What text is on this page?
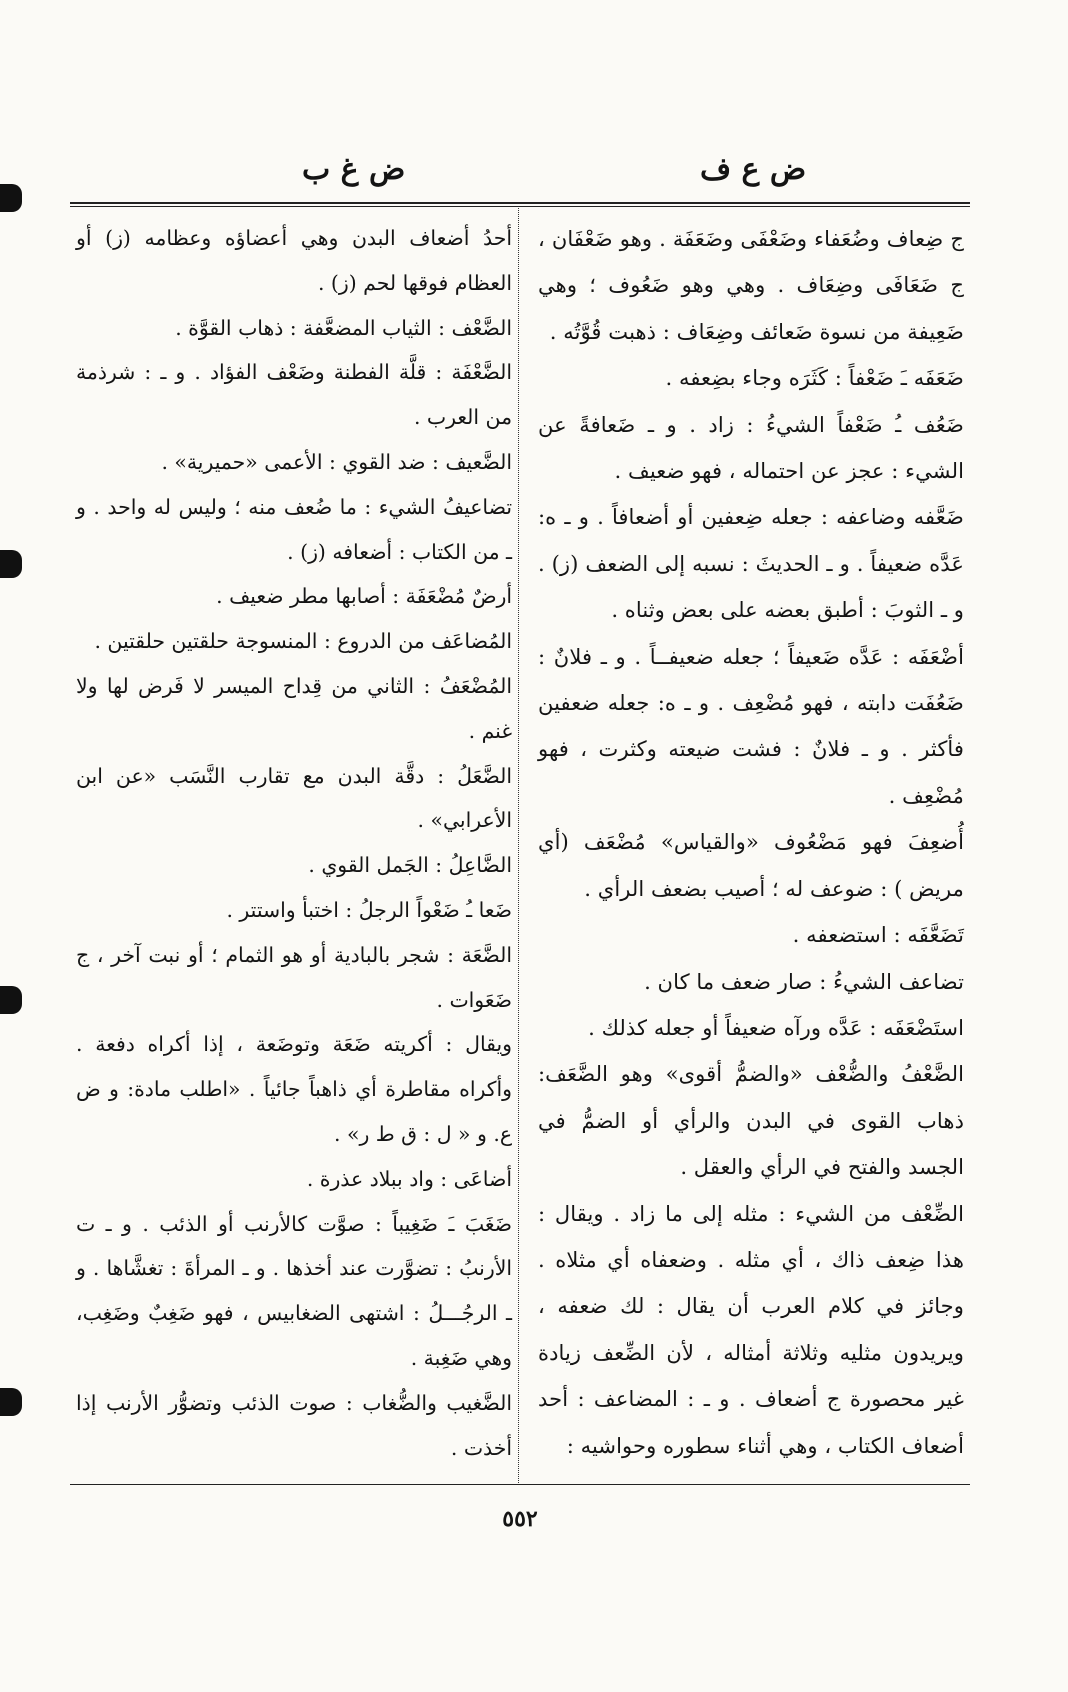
ض ع ف
ض غ ب

ج ضِعاف وضُعَفاء وضَعْفَى وضَعَفَة . وهو ضَعْفَان ، ج ضَعَافَى وضِعَاف . وهي وهو ضَعُوف ؛ وهي ضَعِيفة من نسوة ضَعائف وضِعَاف : ذهبت قُوَّتُه .

ضَعَفَه ـَ ضَعْفاً : كَثَرَه وجاء بضِعفه .

ضَعُف ـُ ضَعْفاً الشيءُ : زاد . و ـ ضَعافةً عن الشيء : عجز عن احتماله ، فهو ضعيف .

ضَعَّفه وضاعفه : جعله ضِعفين أو أضعافاً . و ـ ه: عَدَّه ضعيفاً . و ـ الحديثَ : نسبه إلى الضعف (ز) . و ـ الثوبَ : أطبق بعضه على بعض وثناه .

أضْعَفَه : عَدَّه ضَعيفاً ؛ جعله ضعيفــاً . و ـ فلانٌ : ضَعُفَت دابته ، فهو مُضْعِف . و ـ ه: جعله ضعفين فأكثر . و ـ فلانٌ : فشت ضيعته وكثرت ، فهو مُضْعِف .

أُضعِفَ فهو مَضْعُوف «والقياس» مُضْعَف (أي مريض ) : ضوعف له ؛ أصيب بضعف الرأي .

تَضَعَّفَه : استضعفه .

تضاعف الشيءُ : صار ضعف ما كان .

استَضْعَفَه : عَدَّه ورآه ضعيفاً أو جعله كذلك .

الضَّعْفُ والضُّعْف «والضمُّ أقوى» وهو الضَّعَف: ذهاب القوى في البدن والرأي أو الضمُّ في الجسد والفتح في الرأي والعقل .

الضِّعْف من الشيء : مثله إلى ما زاد . ويقال : هذا ضِعف ذاك ، أي مثله . وضعفاه أي مثلاه . وجائز في كلام العرب أن يقال : لك ضعفه ، ويريدون مثليه وثلاثة أمثاله ، لأن الضِّعف زيادة غير محصورة ج أضعاف . و ـ : المضاعف : أحد أضعاف الكتاب ، وهي أثناء سطوره وحواشيه :

أحدُ أضعاف البدن وهي أعضاؤه وعظامه (ز) أو العظام فوقها لحم (ز) .

الضَّعْف : الثياب المضعَّفة : ذهاب القوَّة .

الضَّعْفَة : قلَّة الفطنة وضَعْف الفؤاد . و ـ : شرذمة من العرب .

الضَّعيف : ضد القوي : الأعمى «حميرية» .

تضاعيفُ الشيء : ما ضُعف منه ؛ وليس له واحد . و ـ من الكتاب : أضعافه (ز) .

أرضٌ مُضْعَفَة : أصابها مطر ضعيف .

المُضاعَف من الدروع : المنسوجة حلقتين حلقتين .

المُضْعَفُ : الثاني من قِداح الميسر لا فَرض لها ولا غنم .

الضَّعَلُ : دقَّة البدن مع تقارب النَّسَب «عن ابن الأعرابي» .

الضَّاعِلُ : الجَمل القوي .

ضَعا ـُ ضَعْواً الرجلُ : اختبأ واستتر .

الضَّعَة : شجر بالبادية أو هو الثمام ؛ أو نبت آخر ، ج ضَعَوات .

ويقال : أكريته ضَعَة وتوضَعة ، إذا أكراه دفعة . وأكراه مقاطرة أي ذاهباً جائياً . «اطلب مادة: و ض ع. و « ل : ق ط ر» .

أضاعَى : واد ببلاد عذرة .

ضَغَبَ ـَ ضَغِيباً : صوَّت كالأرنب أو الذئب . و ـ ت الأرنبُ : تضوَّرت عند أخذها . و ـ المرأةَ : تغشَّاها . و ـ الرجُـــلُ : اشتهى الضغابيس ، فهو ضَغِبٌ وضَغِب، وهي ضَغِبة .

الضَّغيب والضُّغاب : صوت الذئب وتضوُّر الأرنب إذا أخذت .

٥٥٢
